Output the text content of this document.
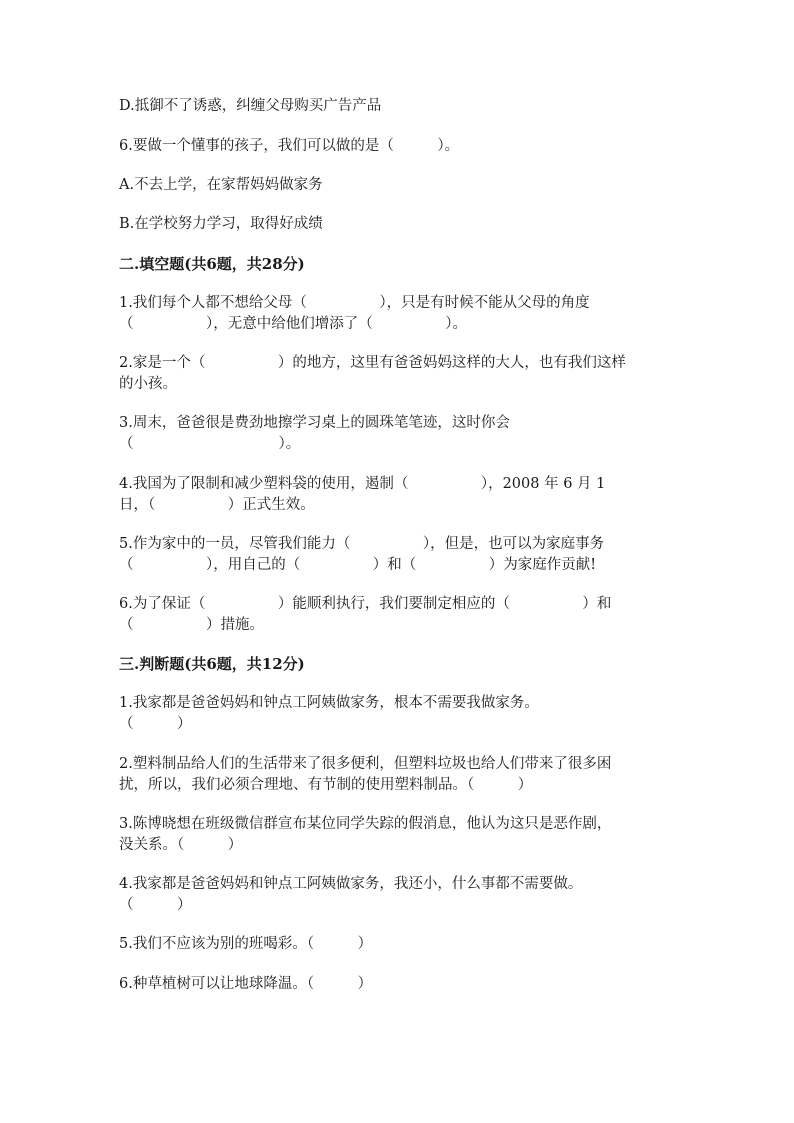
D.抵御不了诱惑，纠缠父母购买广告产品
6.要做一个懂事的孩子，我们可以做的是（　　　）。
A.不去上学，在家帮妈妈做家务
B.在学校努力学习，取得好成绩
二.填空题(共6题，共28分)
1.我们每个人都不想给父母（　　　　　），只是有时候不能从父母的角度
（　　　　　），无意中给他们增添了（　　　　　）。
2.家是一个（　　　　　）的地方，这里有爸爸妈妈这样的大人，也有我们这样
的小孩。
3.周末，爸爸很是费劲地擦学习桌上的圆珠笔笔迹，这时你会
（　　　　　　　　　　）。
4.我国为了限制和减少塑料袋的使用，遏制（　　　　　），2008 年 6 月 1
日，（　　　　　）正式生效。
5.作为家中的一员，尽管我们能力（　　　　　），但是，也可以为家庭事务
（　　　　　），用自己的（　　　　　）和（　　　　　）为家庭作贡献!
6.为了保证（　　　　　）能顺利执行，我们要制定相应的（　　　　　）和
（　　　　　）措施。
三.判断题(共6题，共12分)
1.我家都是爸爸妈妈和钟点工阿姨做家务，根本不需要我做家务。
（　　　）
2.塑料制品给人们的生活带来了很多便利，但塑料垃圾也给人们带来了很多困
扰，所以，我们必须合理地、有节制的使用塑料制品。（　　　）
3.陈博晓想在班级微信群宣布某位同学失踪的假消息，他认为这只是恶作剧，
没关系。（　　　）
4.我家都是爸爸妈妈和钟点工阿姨做家务，我还小，什么事都不需要做。
（　　　）
5.我们不应该为别的班喝彩。（　　　）
6.种草植树可以让地球降温。（　　　）
